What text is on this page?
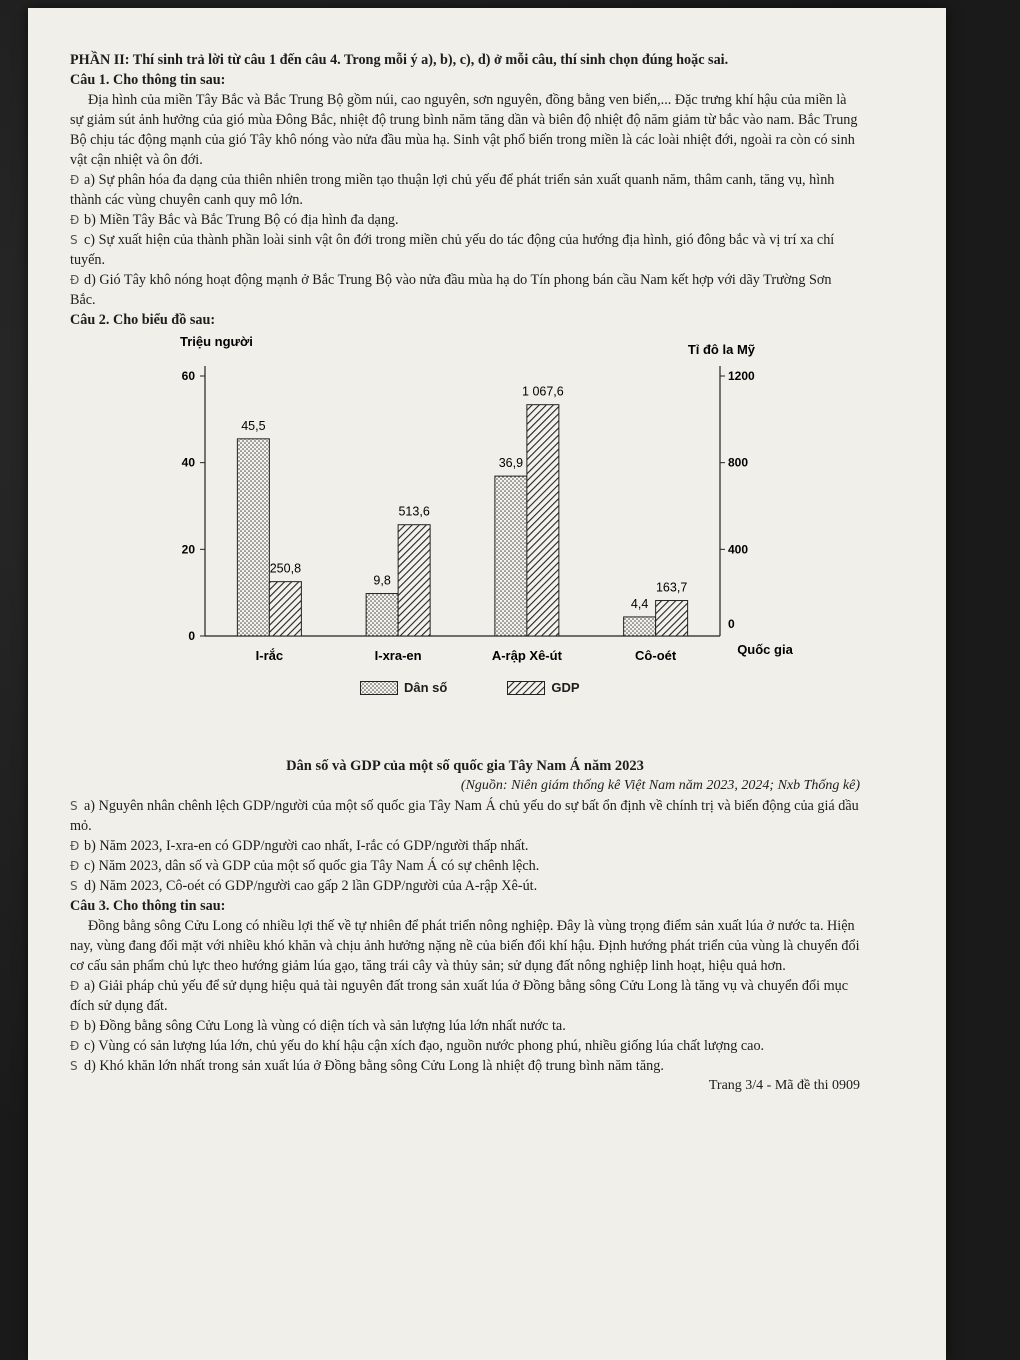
PHẦN II: Thí sinh trả lời từ câu 1 đến câu 4. Trong mỗi ý a), b), c), d) ở mỗi câu, thí sinh chọn đúng hoặc sai.

Câu 1. Cho thông tin sau:

Địa hình của miền Tây Bắc và Bắc Trung Bộ gồm núi, cao nguyên, sơn nguyên, đồng bằng ven biển,... Đặc trưng khí hậu của miền là sự giảm sút ảnh hưởng của gió mùa Đông Bắc, nhiệt độ trung bình năm tăng dần và biên độ nhiệt độ năm giảm từ bắc vào nam. Bắc Trung Bộ chịu tác động mạnh của gió Tây khô nóng vào nửa đầu mùa hạ. Sinh vật phổ biến trong miền là các loài nhiệt đới, ngoài ra còn có sinh vật cận nhiệt và ôn đới.

Đ a) Sự phân hóa đa dạng của thiên nhiên trong miền tạo thuận lợi chủ yếu để phát triển sản xuất quanh năm, thâm canh, tăng vụ, hình thành các vùng chuyên canh quy mô lớn.

Đ b) Miền Tây Bắc và Bắc Trung Bộ có địa hình đa dạng.

S c) Sự xuất hiện của thành phần loài sinh vật ôn đới trong miền chủ yếu do tác động của hướng địa hình, gió đông bắc và vị trí xa chí tuyến.

Đ d) Gió Tây khô nóng hoạt động mạnh ở Bắc Trung Bộ vào nửa đầu mùa hạ do Tín phong bán cầu Nam kết hợp với dãy Trường Sơn Bắc.

Câu 2. Cho biểu đồ sau:

0
20
40
60
0
400
800
1200
Triệu người
Tỉ đô la Mỹ
Quốc gia
45,5
250,8
I-rắc
9,8
513,6
I-xra-en
36,9
1 067,6
A-rập Xê-út
4,4
163,7
Cô-oét
Dân số	GDP

Dân số và GDP của một số quốc gia Tây Nam Á năm 2023

(Nguồn: Niên giám thống kê Việt Nam năm 2023, 2024; Nxb Thống kê)

S a) Nguyên nhân chênh lệch GDP/người của một số quốc gia Tây Nam Á chủ yếu do sự bất ổn định về chính trị và biến động của giá dầu mỏ.

Đ b) Năm 2023, I-xra-en có GDP/người cao nhất, I-rắc có GDP/người thấp nhất.

Đ c) Năm 2023, dân số và GDP của một số quốc gia Tây Nam Á có sự chênh lệch.

S d) Năm 2023, Cô-oét có GDP/người cao gấp 2 lần GDP/người của A-rập Xê-út.

Câu 3. Cho thông tin sau:

Đồng bằng sông Cửu Long có nhiều lợi thế về tự nhiên để phát triển nông nghiệp. Đây là vùng trọng điểm sản xuất lúa ở nước ta. Hiện nay, vùng đang đối mặt với nhiều khó khăn và chịu ảnh hưởng nặng nề của biến đổi khí hậu. Định hướng phát triển của vùng là chuyển đổi cơ cấu sản phẩm chủ lực theo hướng giảm lúa gạo, tăng trái cây và thủy sản; sử dụng đất nông nghiệp linh hoạt, hiệu quả hơn.

Đ a) Giải pháp chủ yếu để sử dụng hiệu quả tài nguyên đất trong sản xuất lúa ở Đồng bằng sông Cửu Long là tăng vụ và chuyển đổi mục đích sử dụng đất.

Đ b) Đồng bằng sông Cửu Long là vùng có diện tích và sản lượng lúa lớn nhất nước ta.

Đ c) Vùng có sản lượng lúa lớn, chủ yếu do khí hậu cận xích đạo, nguồn nước phong phú, nhiều giống lúa chất lượng cao.

S d) Khó khăn lớn nhất trong sản xuất lúa ở Đồng bằng sông Cửu Long là nhiệt độ trung bình năm tăng.

Trang 3/4 - Mã đề thi 0909
